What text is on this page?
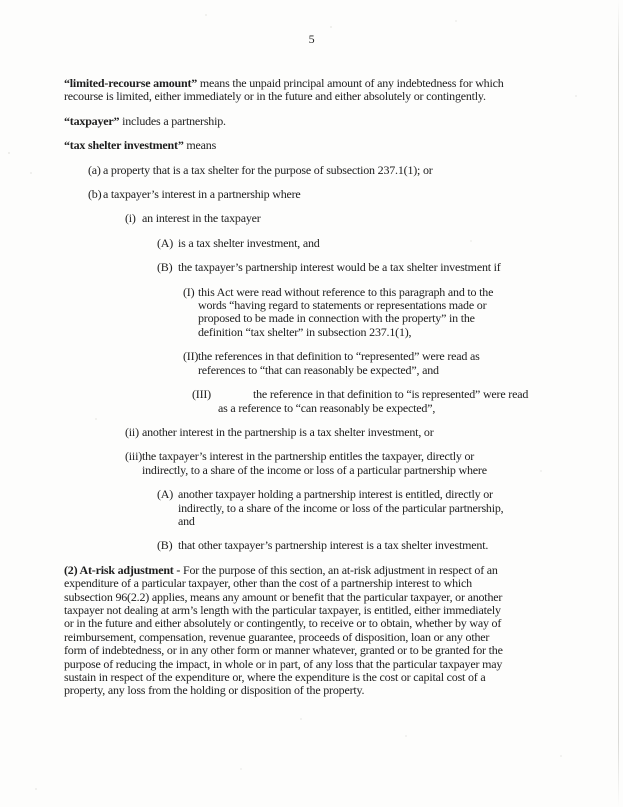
5
“limited-recourse amount” means the unpaid principal amount of any indebtedness for which
recourse is limited, either immediately or in the future and either absolutely or contingently.
“taxpayer” includes a partnership.
“tax shelter investment” means
(a) a property that is a tax shelter for the purpose of subsection 237.1(1); or
(b) a taxpayer’s interest in a partnership where
(i) an interest in the taxpayer
(A) is a tax shelter investment, and
(B) the taxpayer’s partnership interest would be a tax shelter investment if
(I) this Act were read without reference to this paragraph and to the
words “having regard to statements or representations made or
proposed to be made in connection with the property” in the
definition “tax shelter” in subsection 237.1(1),
(II) the references in that definition to “represented” were read as
references to “that can reasonably be expected”, and
(III)	the reference in that definition to “is represented” were read
as a reference to “can reasonably be expected”,
(ii) another interest in the partnership is a tax shelter investment, or
(iii) the taxpayer’s interest in the partnership entitles the taxpayer, directly or
indirectly, to a share of the income or loss of a particular partnership where
(A) another taxpayer holding a partnership interest is entitled, directly or
indirectly, to a share of the income or loss of the particular partnership,
and
(B) that other taxpayer’s partnership interest is a tax shelter investment.
(2) At-risk adjustment - For the purpose of this section, an at-risk adjustment in respect of an
expenditure of a particular taxpayer, other than the cost of a partnership interest to which
subsection 96(2.2) applies, means any amount or benefit that the particular taxpayer, or another
taxpayer not dealing at arm’s length with the particular taxpayer, is entitled, either immediately
or in the future and either absolutely or contingently, to receive or to obtain, whether by way of
reimbursement, compensation, revenue guarantee, proceeds of disposition, loan or any other
form of indebtedness, or in any other form or manner whatever, granted or to be granted for the
purpose of reducing the impact, in whole or in part, of any loss that the particular taxpayer may
sustain in respect of the expenditure or, where the expenditure is the cost or capital cost of a
property, any loss from the holding or disposition of the property.
